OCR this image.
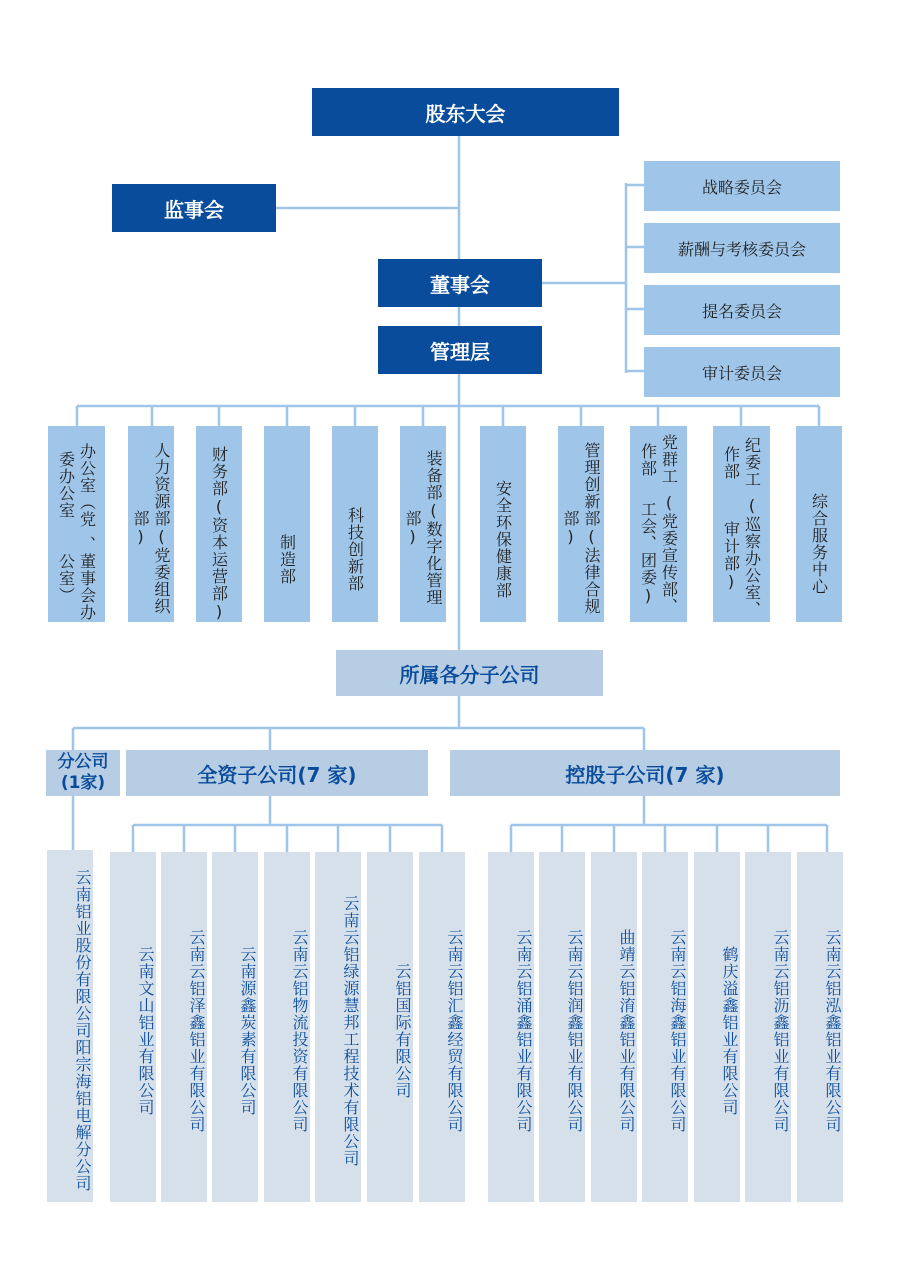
股东大会
监事会
董事会
管理层
战略委员会
薪酬与考核委员会
提名委员会
审计委员会
办公室（党委办公室
、董事会办公室）	人力资源部(党委组织部)	财务部(资本运营部)	制造部	科技创新部	装备部(数字化管理部)	安全环保健康部	管理创新部(法律合规部)
党群工作部
(党委宣传部、工会、团委)
纪委工作部
(巡察办公室、审计部)	综合服务中心
所属各分子公司
分公司(1家)	全资子公司(7 家)	控股子公司(7 家)
云南铝业股份有限公司阳宗海铝电解分公司	云南文山铝业有限公司 云南云铝泽鑫铝业有限公司 云南源鑫炭素有限公司 云南云铝物流投资有限公司 云南云铝绿源慧邦工程技术有限公司 云铝国际有限公司 云南云铝汇鑫经贸有限公司	云南云铝涌鑫铝业有限公司 云南云铝润鑫铝业有限公司 曲靖云铝淯鑫铝业有限公司 云南云铝海鑫铝业有限公司 鹤庆溢鑫铝业有限公司 云南云铝沥鑫铝业有限公司 云南云铝泓鑫铝业有限公司
